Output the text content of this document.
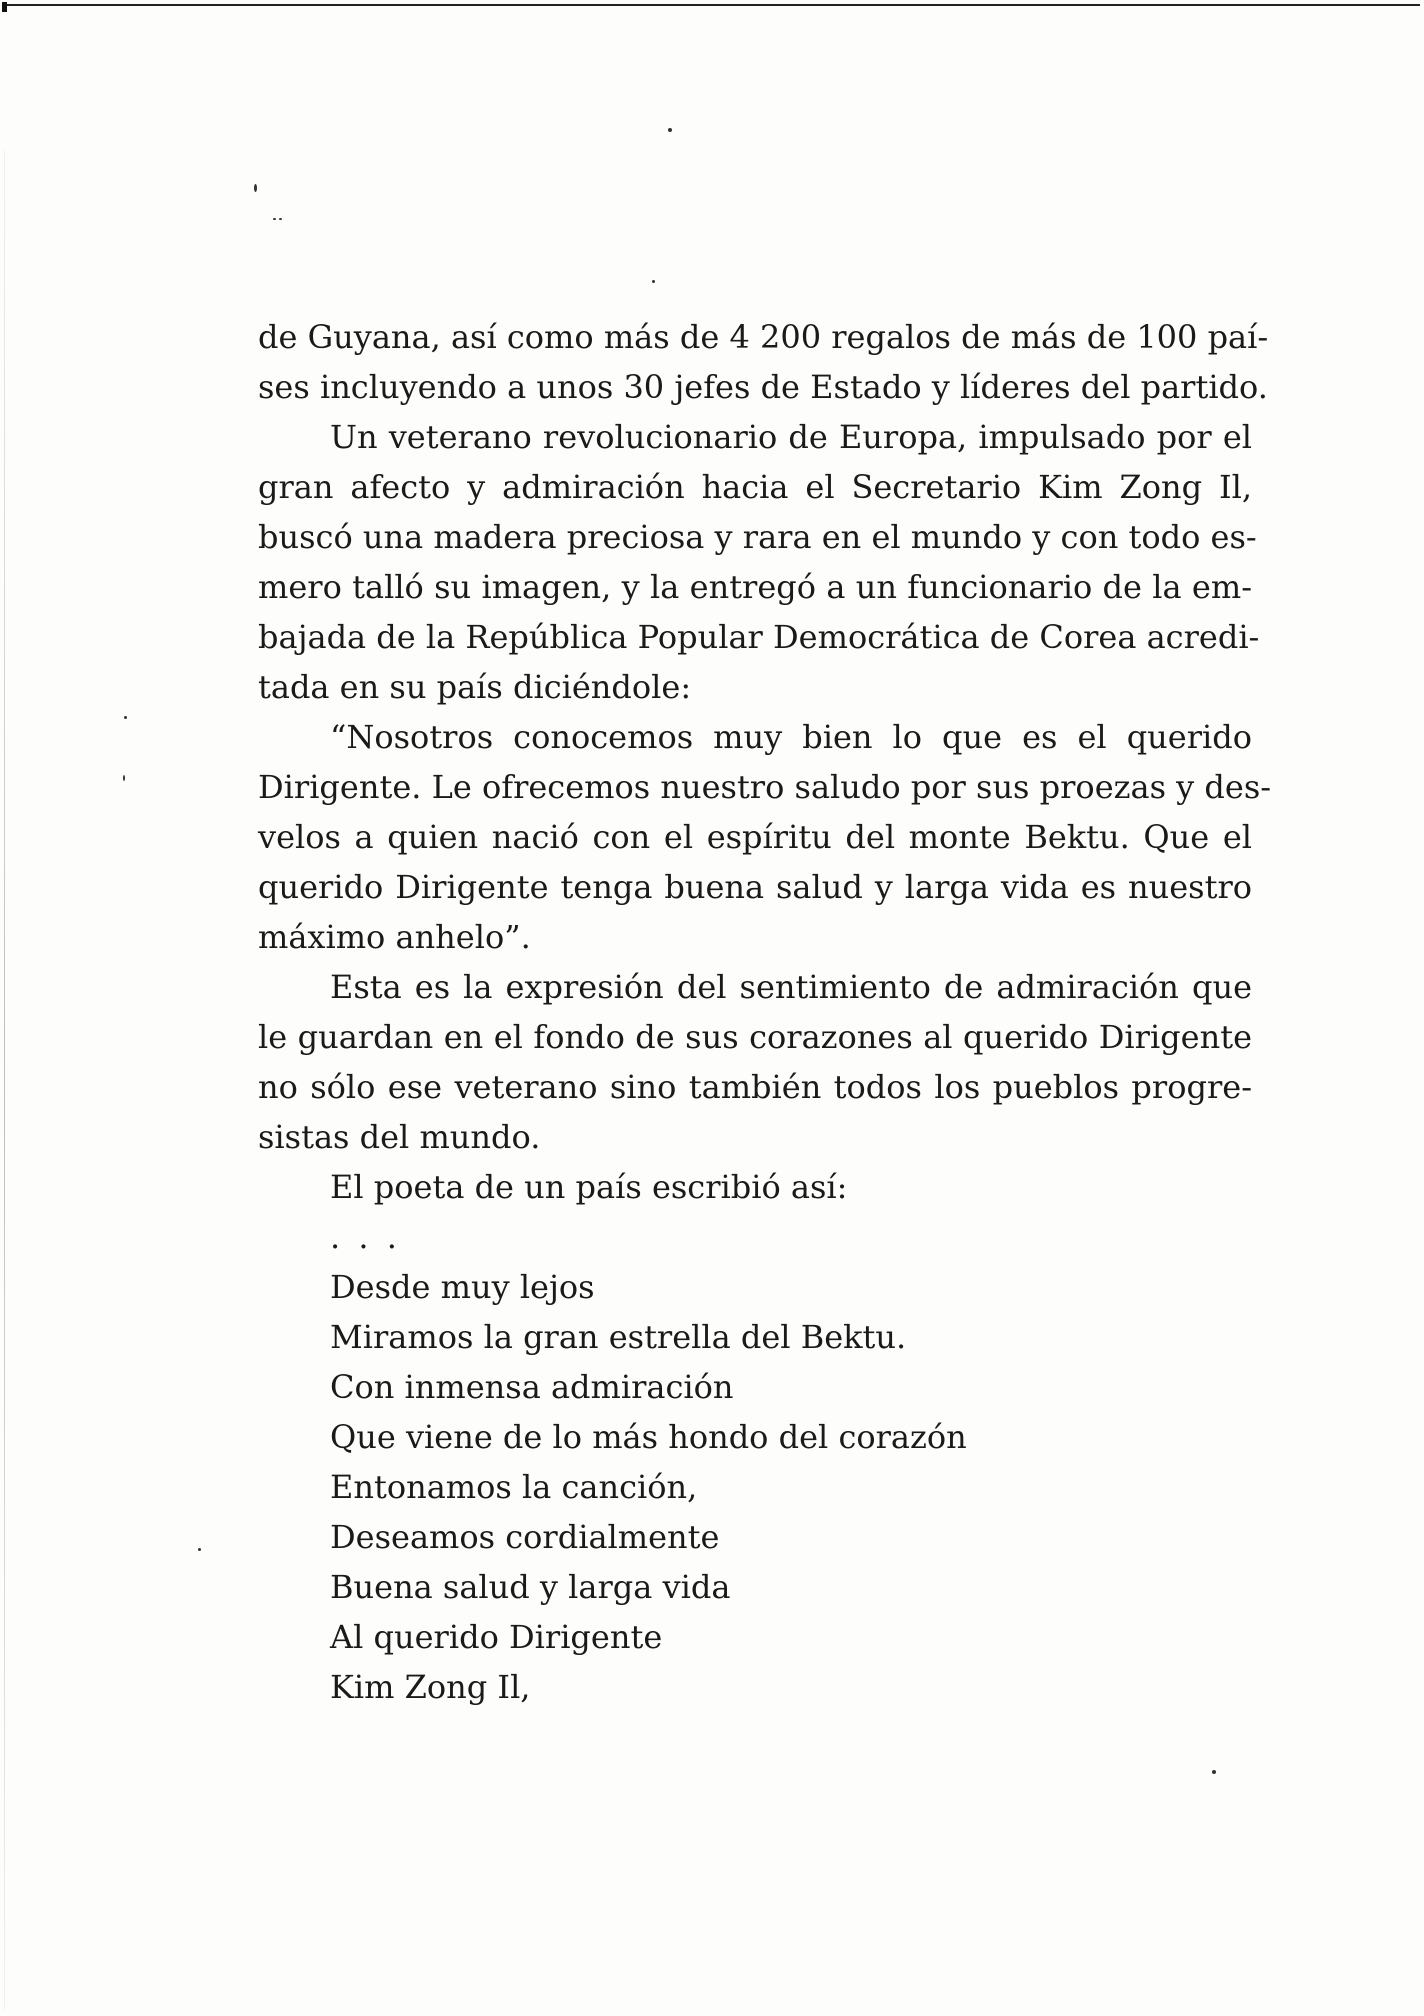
de Guyana, así como más de 4 200 regalos de más de 100 paí-
ses incluyendo a unos 30 jefes de Estado y líderes del partido.
Un veterano revolucionario de Europa, impulsado por el
gran afecto y admiración hacia el Secretario Kim Zong Il,
buscó una madera preciosa y rara en el mundo y con todo es-
mero talló su imagen, y la entregó a un funcionario de la em-
bajada de la República Popular Democrática de Corea acredi-
tada en su país diciéndole:
“Nosotros conocemos muy bien lo que es el querido
Dirigente. Le ofrecemos nuestro saludo por sus proezas y des-
velos a quien nació con el espíritu del monte Bektu. Que el
querido Dirigente tenga buena salud y larga vida es nuestro
máximo anhelo”.
Esta es la expresión del sentimiento de admiración que
le guardan en el fondo de sus corazones al querido Dirigente
no sólo ese veterano sino también todos los pueblos progre-
sistas del mundo.
El poeta de un país escribió así:
. . .
Desde muy lejos
Miramos la gran estrella del Bektu.
Con inmensa admiración
Que viene de lo más hondo del corazón
Entonamos la canción,
Deseamos cordialmente
Buena salud y larga vida
Al querido Dirigente
Kim Zong Il,
